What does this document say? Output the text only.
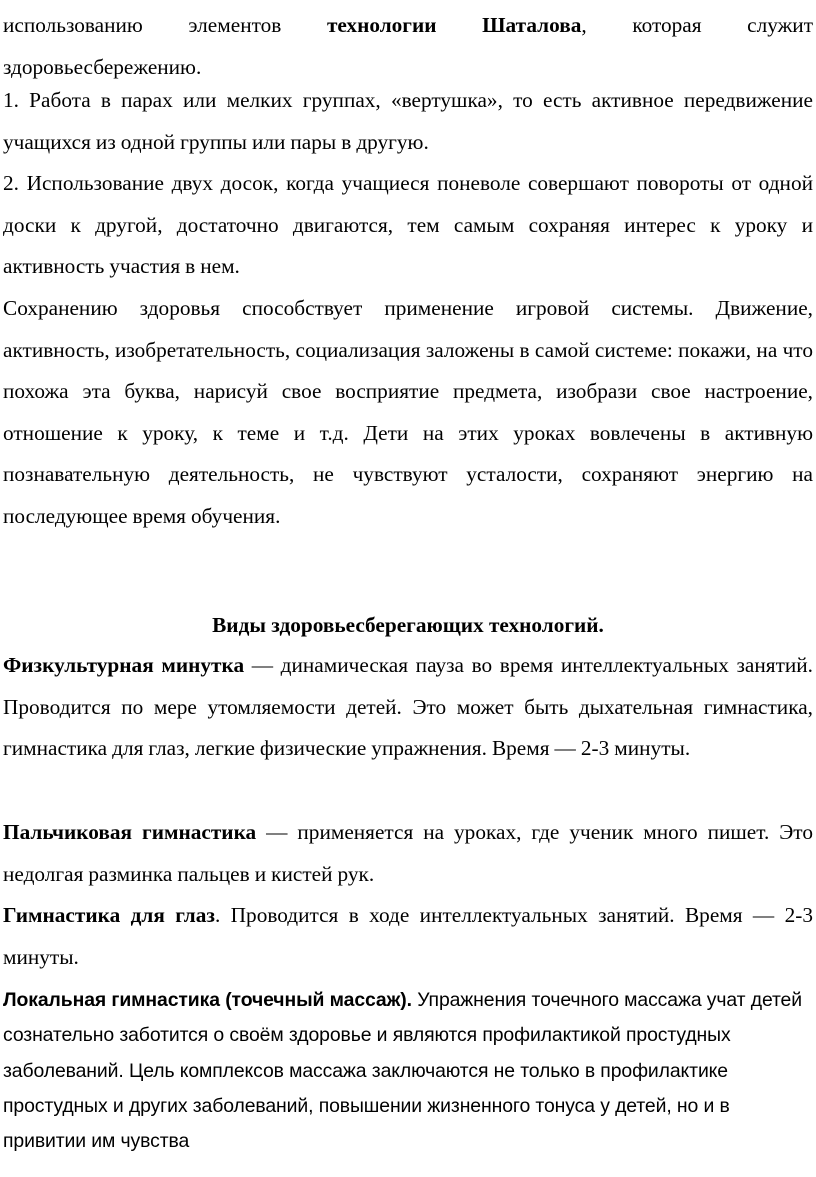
использованию элементов технологии Шаталова, которая служит здоровьесбережению.

1. Работа в парах или мелких группах, «вертушка», то есть активное передвижение учащихся из одной группы или пары в другую.

2. Использование двух досок, когда учащиеся поневоле совершают повороты от одной доски к другой, достаточно двигаются, тем самым сохраняя интерес к уроку и активность участия в нем.

Сохранению здоровья способствует применение игровой системы. Движение, активность, изобретательность, социализация заложены в самой системе: покажи, на что похожа эта буква, нарисуй свое восприятие предмета, изобрази свое настроение, отношение к уроку, к теме и т.д. Дети на этих уроках вовлечены в активную познавательную деятельность, не чувствуют усталости, сохраняют энергию на последующее время обучения.

Виды здоровьесберегающих технологий.

Физкультурная минутка — динамическая пауза во время интеллектуальных занятий. Проводится по мере утомляемости детей. Это может быть дыхательная гимнастика, гимнастика для глаз, легкие физические упражнения. Время — 2-3 минуты.

Пальчиковая гимнастика — применяется на уроках, где ученик много пишет. Это недолгая разминка пальцев и кистей рук.

Гимнастика для глаз. Проводится в ходе интеллектуальных занятий. Время — 2-3 минуты.

Локальная гимнастика (точечный массаж). Упражнения точечного массажа учат детей сознательно заботится о своём здоровье и являются профилактикой простудных заболеваний. Цель комплексов массажа заключаются не только в профилактике простудных и других заболеваний, повышении жизненного тонуса у детей, но и в привитии им чувства
